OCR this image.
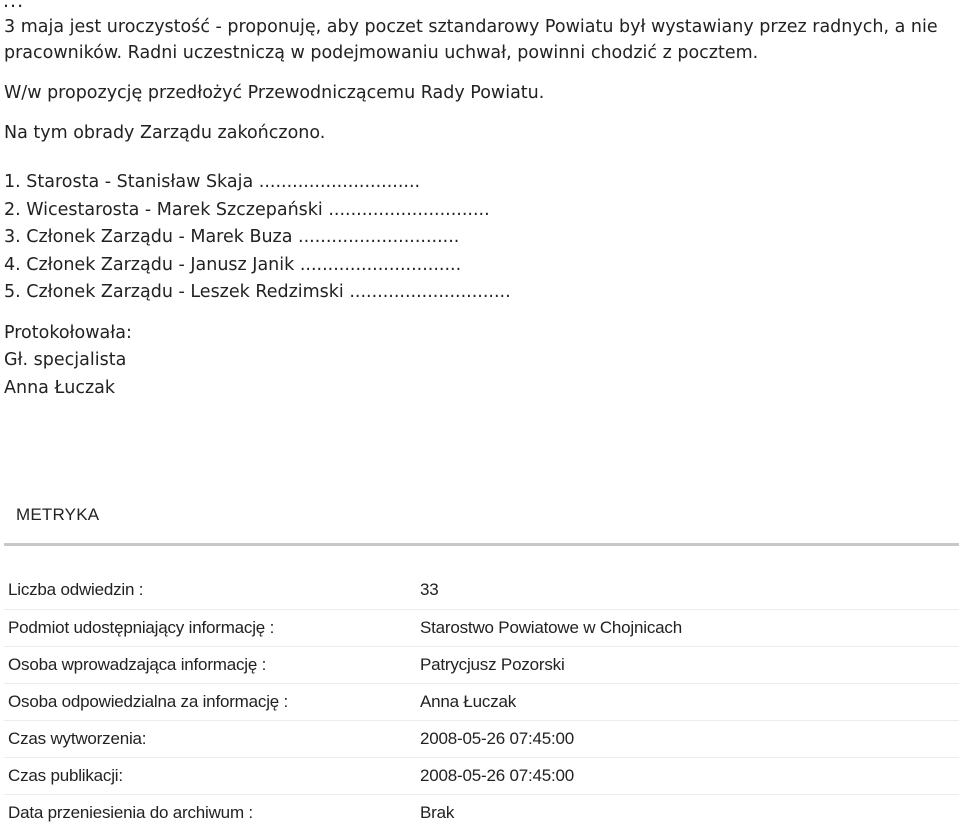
...

3 maja jest uroczystość - proponuję, aby poczet sztandarowy Powiatu był wystawiany przez radnych, a nie pracowników. Radni uczestniczą w podejmowaniu uchwał, powinni chodzić z pocztem.

W/w propozycję przedłożyć Przewodniczącemu Rady Powiatu.

Na tym obrady Zarządu zakończono.

1. Starosta - Stanisław Skaja .............................
2. Wicestarosta - Marek Szczepański .............................
3. Członek Zarządu - Marek Buza .............................
4. Członek Zarządu - Janusz Janik .............................
5. Członek Zarządu - Leszek Redzimski .............................
Protokołowała:
Gł. specjalista
Anna Łuczak
METRYKA
Liczba odwiedzin :	33
Podmiot udostępniający informację :	Starostwo Powiatowe w Chojnicach
Osoba wprowadzająca informację :	Patrycjusz Pozorski
Osoba odpowiedzialna za informację :	Anna Łuczak
Czas wytworzenia:	2008-05-26 07:45:00
Czas publikacji:	2008-05-26 07:45:00
Data przeniesienia do archiwum :	Brak
